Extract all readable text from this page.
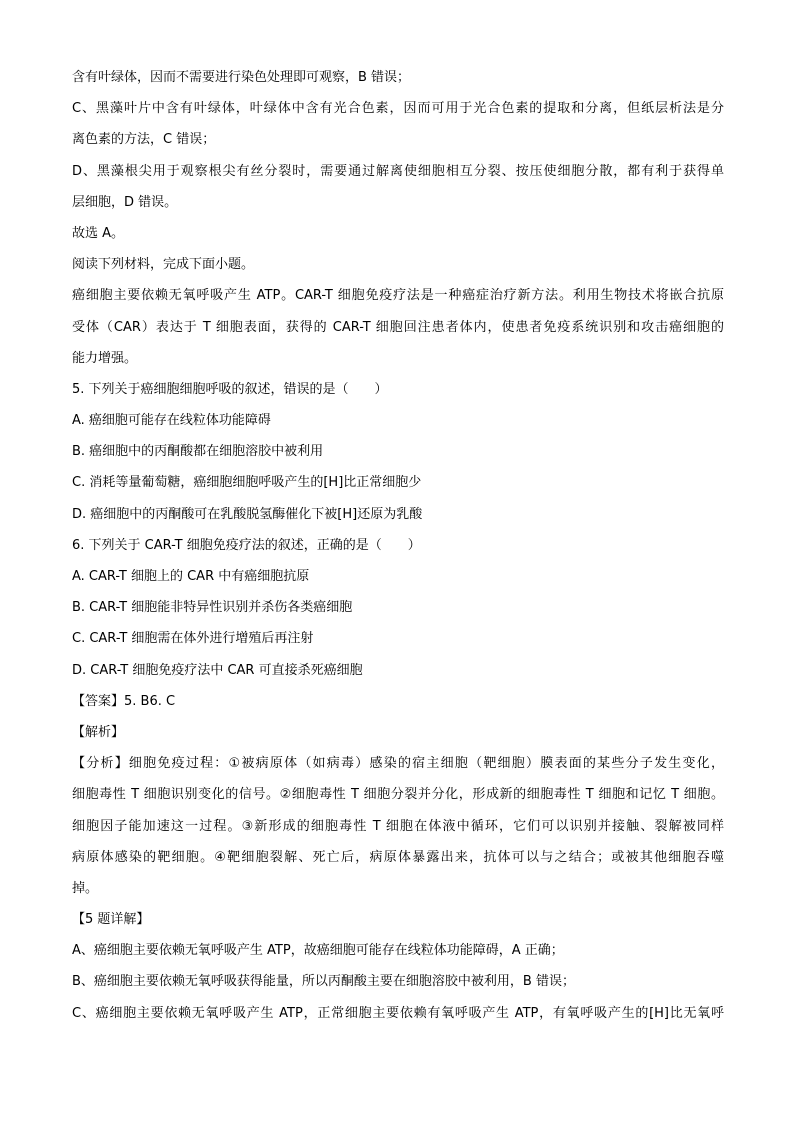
含有叶绿体，因而不需要进行染色处理即可观察，B 错误；
C、黑藻叶片中含有叶绿体，叶绿体中含有光合色素，因而可用于光合色素的提取和分离，但纸层析法是分
离色素的方法，C 错误；
D、黑藻根尖用于观察根尖有丝分裂时，需要通过解离使细胞相互分裂、按压使细胞分散，都有利于获得单
层细胞，D 错误。
故选 A。
阅读下列材料，完成下面小题。
癌细胞主要依赖无氧呼吸产生 ATP。CAR-T 细胞免疫疗法是一种癌症治疗新方法。利用生物技术将嵌合抗原
受体（CAR）表达于 T 细胞表面，获得的 CAR-T 细胞回注患者体内，使患者免疫系统识别和攻击癌细胞的
能力增强。
5. 下列关于癌细胞细胞呼吸的叙述，错误的是（　　）
A. 癌细胞可能存在线粒体功能障碍
B. 癌细胞中的丙酮酸都在细胞溶胶中被利用
C. 消耗等量葡萄糖，癌细胞细胞呼吸产生的[H]比正常细胞少
D. 癌细胞中的丙酮酸可在乳酸脱氢酶催化下被[H]还原为乳酸
6. 下列关于 CAR-T 细胞免疫疗法的叙述，正确的是（　　）
A. CAR-T 细胞上的 CAR 中有癌细胞抗原
B. CAR-T 细胞能非特异性识别并杀伤各类癌细胞
C. CAR-T 细胞需在体外进行增殖后再注射
D. CAR-T 细胞免疫疗法中 CAR 可直接杀死癌细胞
【答案】5. B6. C
【解析】
【分析】细胞免疫过程：①被病原体（如病毒）感染的宿主细胞（靶细胞）膜表面的某些分子发生变化，
细胞毒性 T 细胞识别变化的信号。②细胞毒性 T 细胞分裂并分化，形成新的细胞毒性 T 细胞和记忆 T 细胞。
细胞因子能加速这一过程。③新形成的细胞毒性 T 细胞在体液中循环，它们可以识别并接触、裂解被同样
病原体感染的靶细胞。④靶细胞裂解、死亡后，病原体暴露出来，抗体可以与之结合；或被其他细胞吞噬
掉。
【5 题详解】
A、癌细胞主要依赖无氧呼吸产生 ATP，故癌细胞可能存在线粒体功能障碍，A 正确；
B、癌细胞主要依赖无氧呼吸获得能量，所以丙酮酸主要在细胞溶胶中被利用，B 错误；
C、癌细胞主要依赖无氧呼吸产生 ATP，正常细胞主要依赖有氧呼吸产生 ATP，有氧呼吸产生的[H]比无氧呼
